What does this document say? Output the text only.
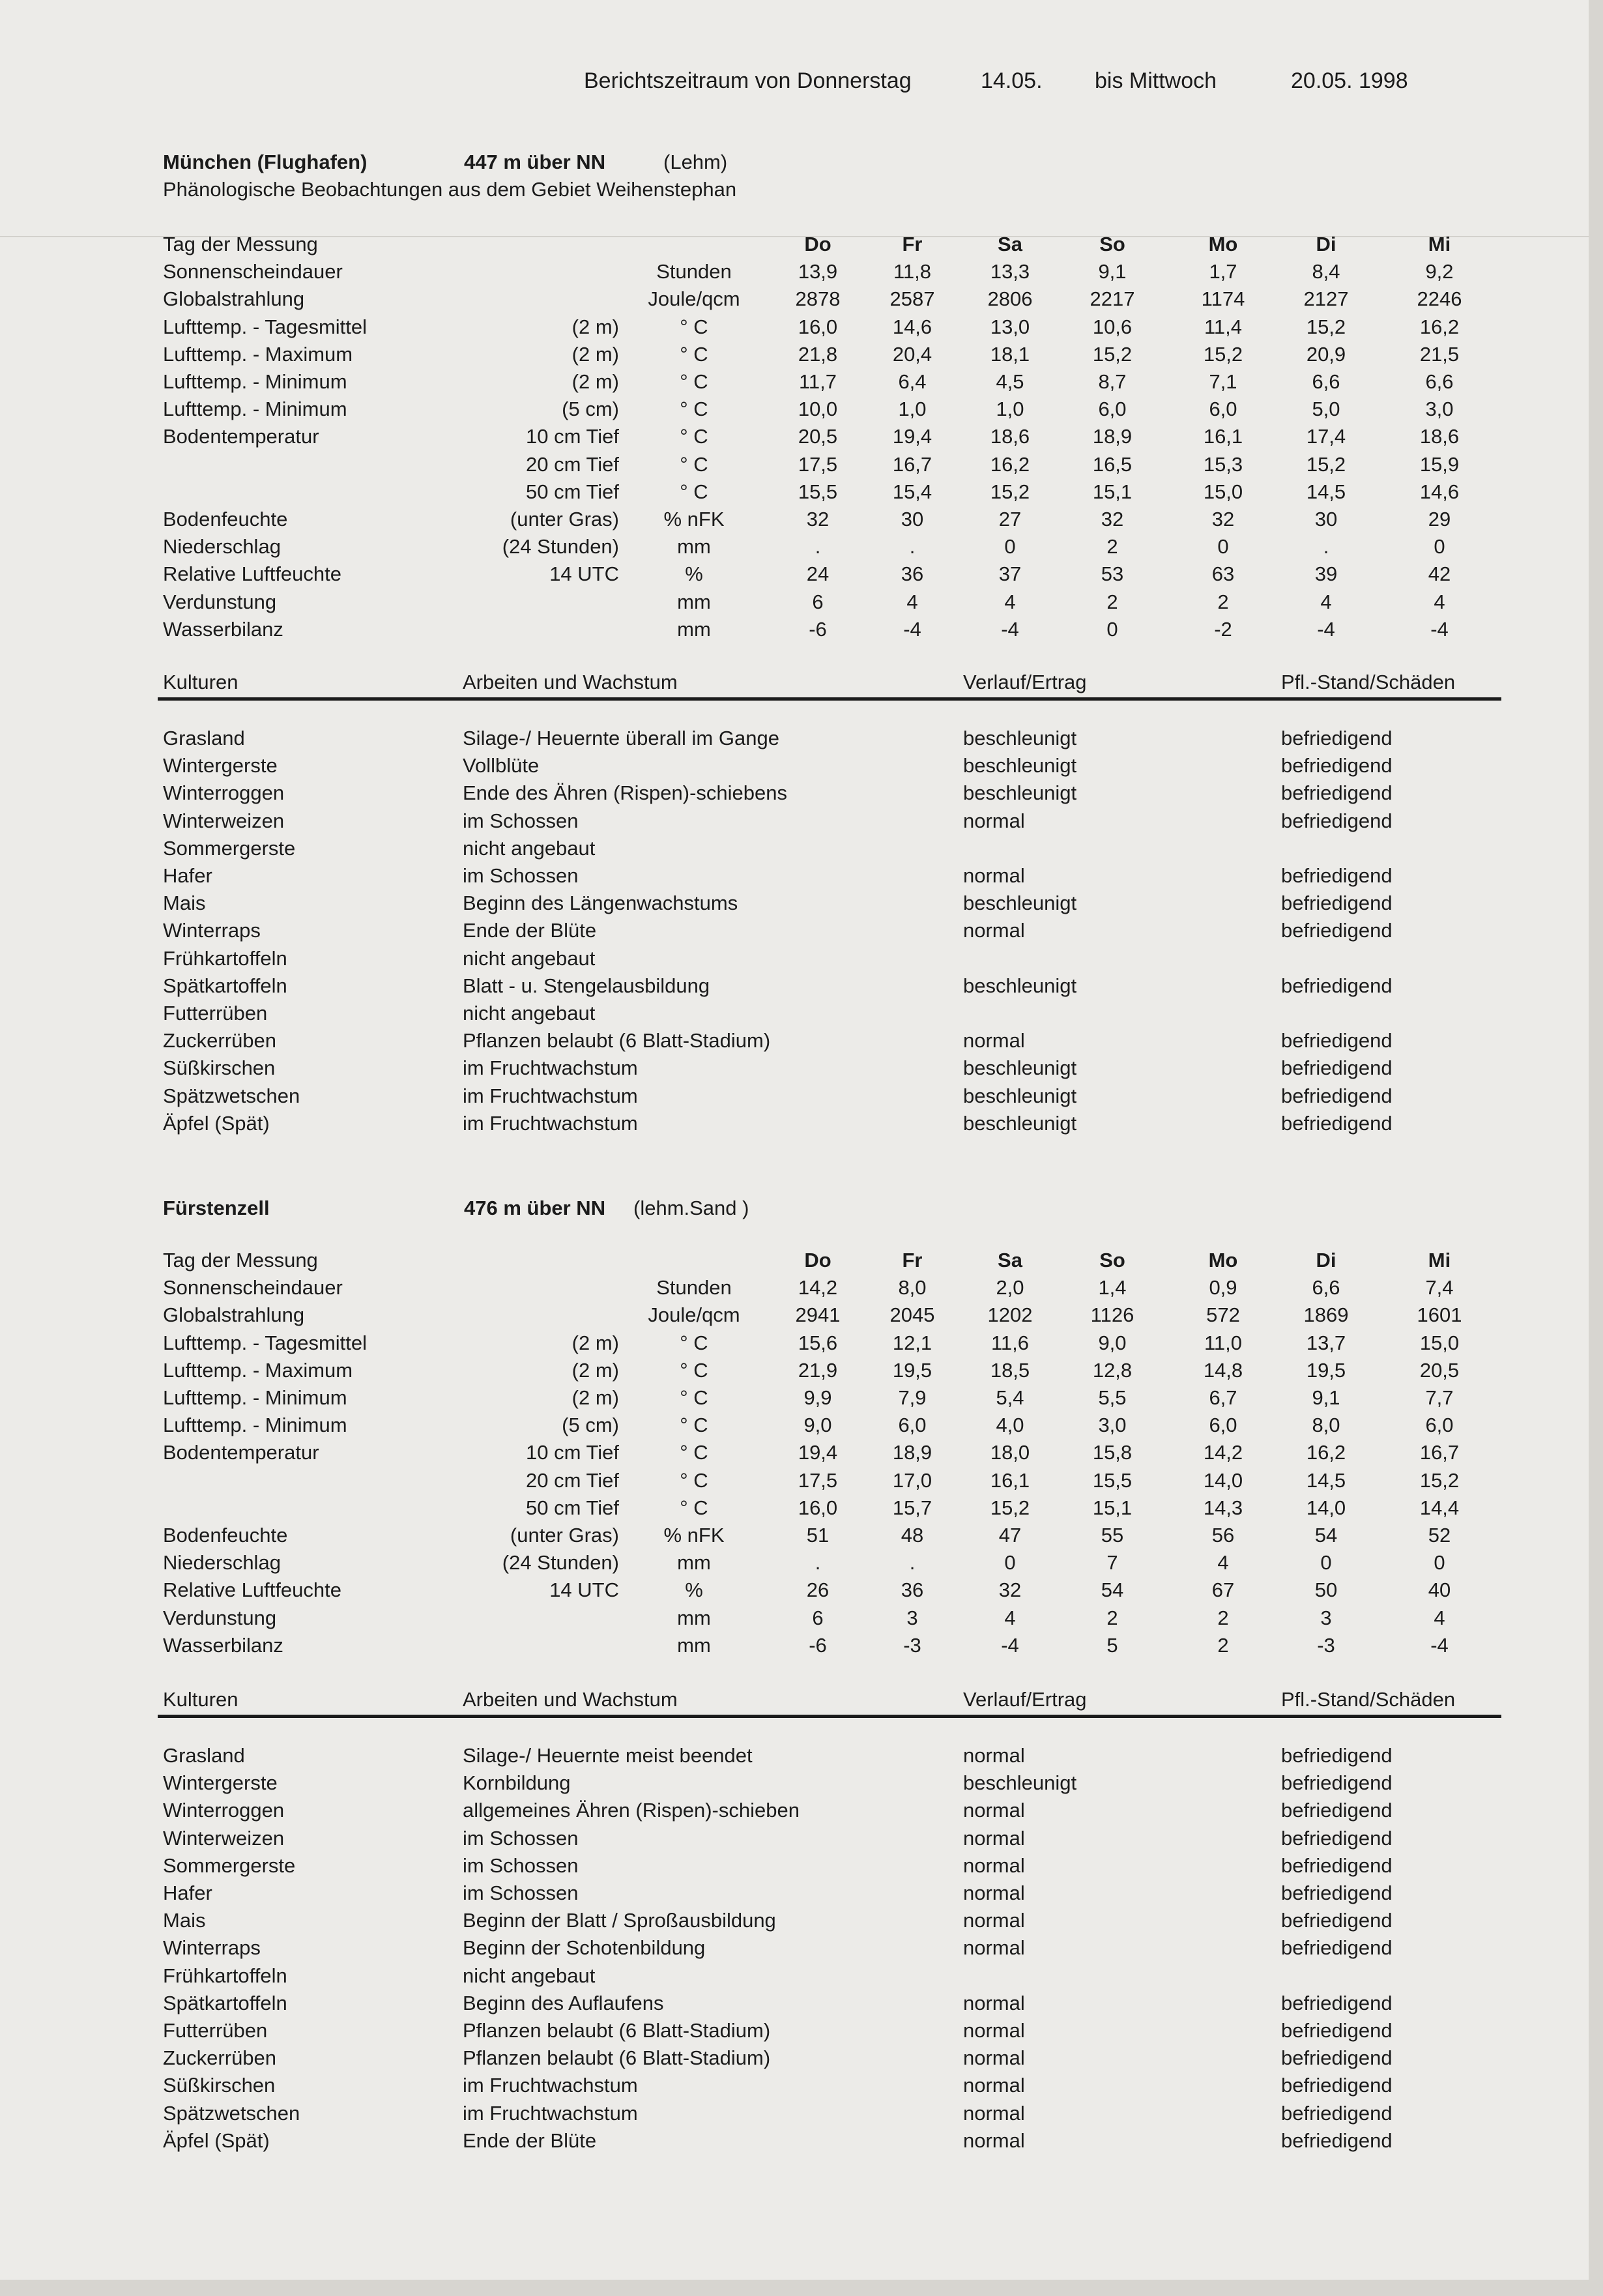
Berichtszeitraum von Donnerstag	14.05. bis Mittwoch	20.05. 1998
München (Flughafen)	447 m über NN	(Lehm)
Phänologische Beobachtungen aus dem Gebiet Weihenstephan
Tag der Messung	Do	Fr	Sa	So	Mo	Di	Mi
Sonnenscheindauer	Stunden	13,9	11,8	13,3	9,1	1,7	8,4	9,2
Globalstrahlung	Joule/qcm	2878	2587	2806	2217	1174	2127	2246
Lufttemp. - Tagesmittel	(2 m)	° C	16,0	14,6	13,0	10,6	11,4	15,2	16,2
Lufttemp. - Maximum	(2 m)	° C	21,8	20,4	18,1	15,2	15,2	20,9	21,5
Lufttemp. - Minimum	(2 m)	° C	11,7	6,4	4,5	8,7	7,1	6,6	6,6
Lufttemp. - Minimum	(5 cm)	° C	10,0	1,0	1,0	6,0	6,0	5,0	3,0
Bodentemperatur	10 cm Tief	° C	20,5	19,4	18,6	18,9	16,1	17,4	18,6
20 cm Tief	° C	17,5	16,7	16,2	16,5	15,3	15,2	15,9
50 cm Tief	° C	15,5	15,4	15,2	15,1	15,0	14,5	14,6
Bodenfeuchte	(unter Gras)	% nFK	32	30	27	32	32	30	29
Niederschlag	(24 Stunden)	mm	.	.	0	2	0	.	0
Relative Luftfeuchte	14 UTC	%	24	36	37	53	63	39	42
Verdunstung	mm	6	4	4	2	2	4	4
Wasserbilanz	mm	-6	-4	-4	0	-2	-4	-4
Kulturen	Arbeiten und Wachstum	Verlauf/Ertrag	Pfl.-Stand/Schäden
Grasland	Silage-/ Heuernte überall im Gange	beschleunigt	befriedigend
Wintergerste	Vollblüte	beschleunigt	befriedigend
Winterroggen	Ende des Ähren (Rispen)-schiebens	beschleunigt	befriedigend
Winterweizen	im Schossen	normal	befriedigend
Sommergerste	nicht angebaut
Hafer	im Schossen	normal	befriedigend
Mais	Beginn des Längenwachstums	beschleunigt	befriedigend
Winterraps	Ende der Blüte	normal	befriedigend
Frühkartoffeln	nicht angebaut
Spätkartoffeln	Blatt - u. Stengelausbildung	beschleunigt	befriedigend
Futterrüben	nicht angebaut
Zuckerrüben	Pflanzen belaubt (6 Blatt-Stadium)	normal	befriedigend
Süßkirschen	im Fruchtwachstum	beschleunigt	befriedigend
Spätzwetschen	im Fruchtwachstum	beschleunigt	befriedigend
Äpfel (Spät)	im Fruchtwachstum	beschleunigt	befriedigend
Fürstenzell	476 m über NN (lehm.Sand )
Tag der Messung	Do	Fr	Sa	So	Mo	Di	Mi
Sonnenscheindauer	Stunden	14,2	8,0	2,0	1,4	0,9	6,6	7,4
Globalstrahlung	Joule/qcm	2941	2045	1202	1126	572	1869	1601
Lufttemp. - Tagesmittel	(2 m)	° C	15,6	12,1	11,6	9,0	11,0	13,7	15,0
Lufttemp. - Maximum	(2 m)	° C	21,9	19,5	18,5	12,8	14,8	19,5	20,5
Lufttemp. - Minimum	(2 m)	° C	9,9	7,9	5,4	5,5	6,7	9,1	7,7
Lufttemp. - Minimum	(5 cm)	° C	9,0	6,0	4,0	3,0	6,0	8,0	6,0
Bodentemperatur	10 cm Tief	° C	19,4	18,9	18,0	15,8	14,2	16,2	16,7
20 cm Tief	° C	17,5	17,0	16,1	15,5	14,0	14,5	15,2
50 cm Tief	° C	16,0	15,7	15,2	15,1	14,3	14,0	14,4
Bodenfeuchte	(unter Gras)	% nFK	51	48	47	55	56	54	52
Niederschlag	(24 Stunden)	mm	.	.	0	7	4	0	0
Relative Luftfeuchte	14 UTC	%	26	36	32	54	67	50	40
Verdunstung	mm	6	3	4	2	2	3	4
Wasserbilanz	mm	-6	-3	-4	5	2	-3	-4
Kulturen	Arbeiten und Wachstum	Verlauf/Ertrag	Pfl.-Stand/Schäden
Grasland	Silage-/ Heuernte meist beendet	normal	befriedigend
Wintergerste	Kornbildung	beschleunigt	befriedigend
Winterroggen	allgemeines Ähren (Rispen)-schieben	normal	befriedigend
Winterweizen	im Schossen	normal	befriedigend
Sommergerste	im Schossen	normal	befriedigend
Hafer	im Schossen	normal	befriedigend
Mais	Beginn der Blatt / Sproßausbildung	normal	befriedigend
Winterraps	Beginn der Schotenbildung	normal	befriedigend
Frühkartoffeln	nicht angebaut
Spätkartoffeln	Beginn des Auflaufens	normal	befriedigend
Futterrüben	Pflanzen belaubt (6 Blatt-Stadium)	normal	befriedigend
Zuckerrüben	Pflanzen belaubt (6 Blatt-Stadium)	normal	befriedigend
Süßkirschen	im Fruchtwachstum	normal	befriedigend
Spätzwetschen	im Fruchtwachstum	normal	befriedigend
Äpfel (Spät)	Ende der Blüte	normal	befriedigend
